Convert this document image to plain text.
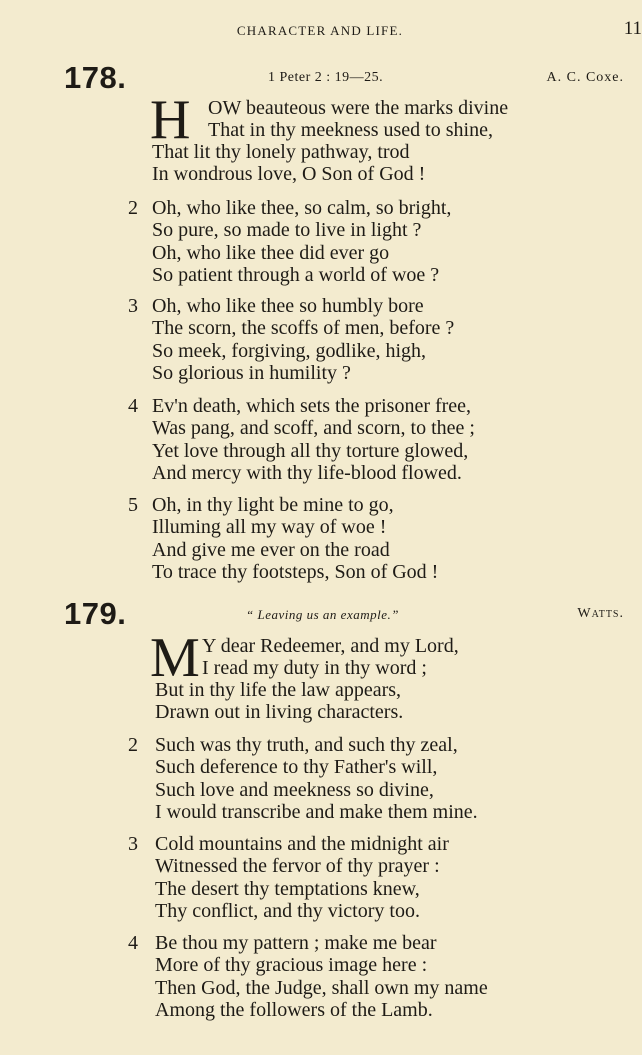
CHARACTER AND LIFE.	11
178.	1 Peter 2 : 19—25.	A. C. Coxe.
H OW beauteous were the marks divine
That in thy meekness used to shine,
That lit thy lonely pathway, trod
In wondrous love, O Son of God !
2 Oh, who like thee, so calm, so bright,
So pure, so made to live in light ?
Oh, who like thee did ever go
So patient through a world of woe ?
3 Oh, who like thee so humbly bore
The scorn, the scoffs of men, before ?
So meek, forgiving, godlike, high,
So glorious in humility ?
4 Ev'n death, which sets the prisoner free,
Was pang, and scoff, and scorn, to thee ;
Yet love through all thy torture glowed,
And mercy with thy life-blood flowed.
5 Oh, in thy light be mine to go,
Illuming all my way of woe !
And give me ever on the road
To trace thy footsteps, Son of God !
179.	“ Leaving us an example.”	Watts.
M Y dear Redeemer, and my Lord,
I read my duty in thy word ;
But in thy life the law appears,
Drawn out in living characters.
2 Such was thy truth, and such thy zeal,
Such deference to thy Father's will,
Such love and meekness so divine,
I would transcribe and make them mine.
3 Cold mountains and the midnight air
Witnessed the fervor of thy prayer :
The desert thy temptations knew,
Thy conflict, and thy victory too.
4 Be thou my pattern ; make me bear
More of thy gracious image here :
Then God, the Judge, shall own my name
Among the followers of the Lamb.
